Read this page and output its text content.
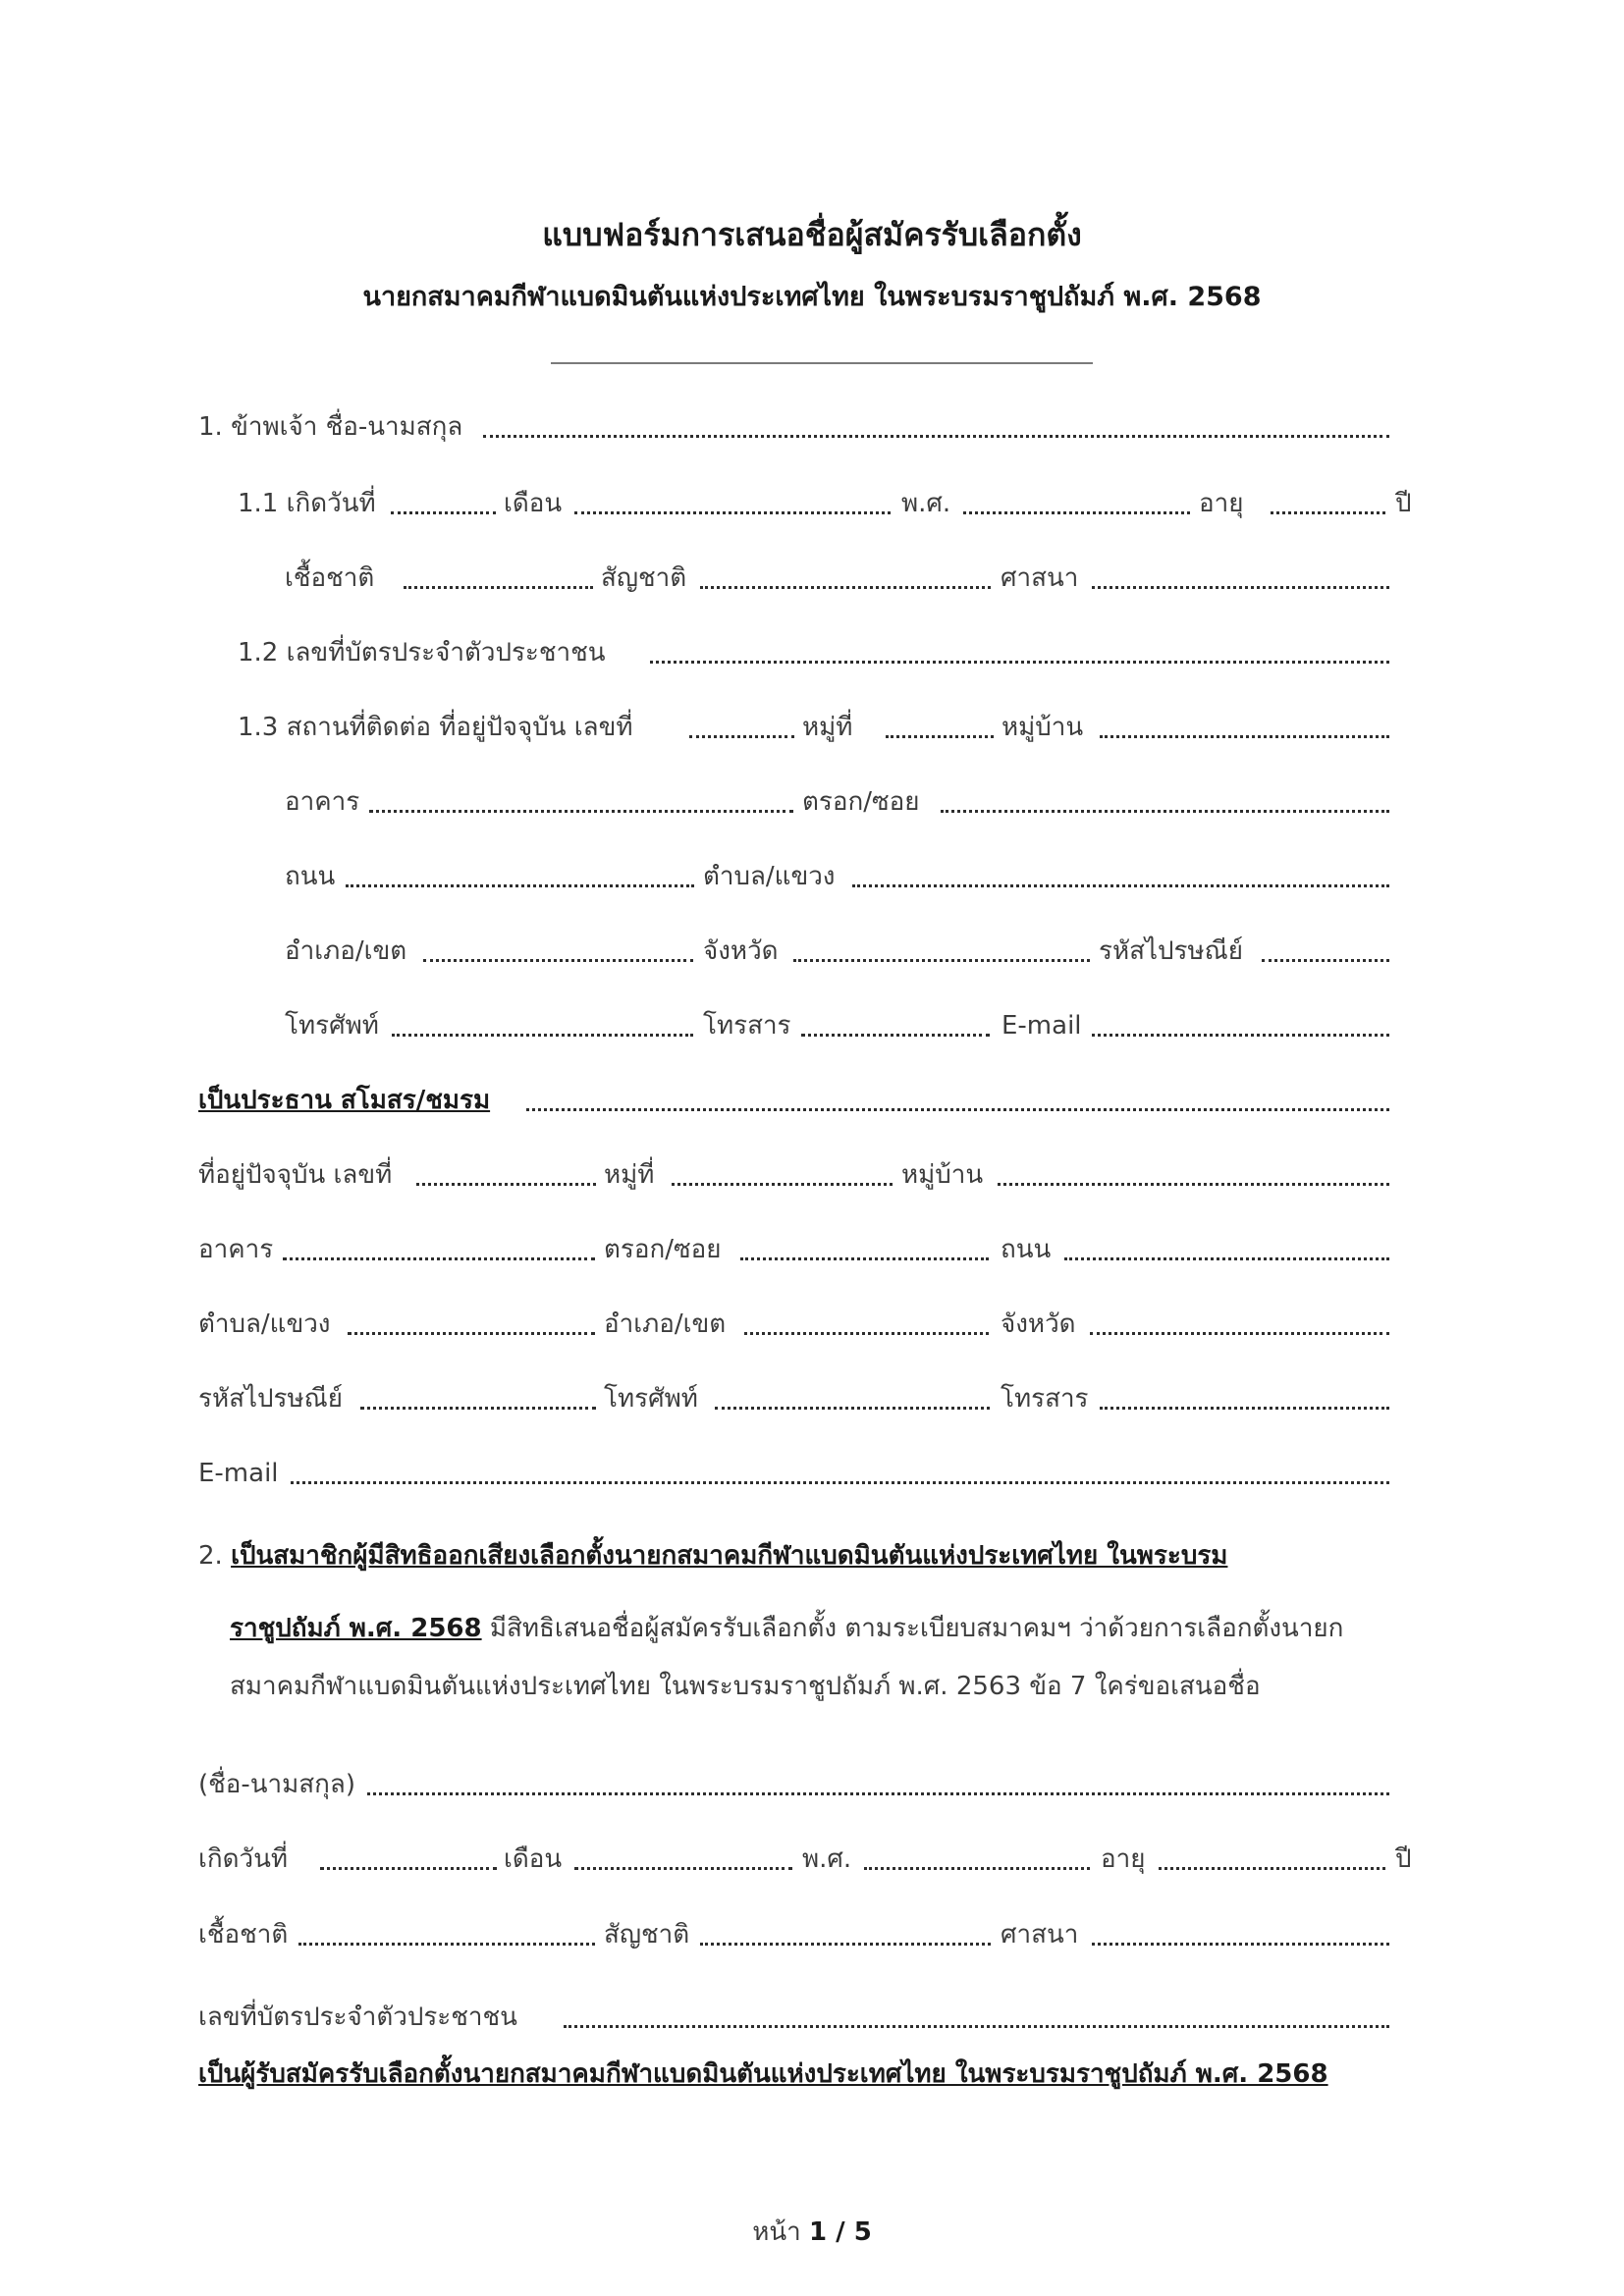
แบบฟอร์มการเสนอชื่อผู้สมัครรับเลือกตั้ง
นายกสมาคมกีฬาแบดมินตันแห่งประเทศไทย ในพระบรมราชูปถัมภ์ พ.ศ. 2568
1. ข้าพเจ้า ชื่อ-นามสกุล
1.1 เกิดวันที่	เดือน	พ.ศ.	อายุ	ปี
เชื้อชาติ	สัญชาติ	ศาสนา
1.2 เลขที่บัตรประจำตัวประชาชน
1.3 สถานที่ติดต่อ ที่อยู่ปัจจุบัน เลขที่	หมู่ที่	หมู่บ้าน
อาคาร	ตรอก/ซอย
ถนน	ตำบล/แขวง
อำเภอ/เขต	จังหวัด	รหัสไปรษณีย์
โทรศัพท์	โทรสาร	E-mail
เป็นประธาน สโมสร/ชมรม
ที่อยู่ปัจจุบัน เลขที่	หมู่ที่	หมู่บ้าน
อาคาร	ตรอก/ซอย	ถนน
ตำบล/แขวง	อำเภอ/เขต	จังหวัด
รหัสไปรษณีย์	โทรศัพท์	โทรสาร
E-mail
2. เป็นสมาชิกผู้มีสิทธิออกเสียงเลือกตั้งนายกสมาคมกีฬาแบดมินตันแห่งประเทศไทย ในพระบรม
ราชูปถัมภ์ พ.ศ. 2568 มีสิทธิเสนอชื่อผู้สมัครรับเลือกตั้ง ตามระเบียบสมาคมฯ ว่าด้วยการเลือกตั้งนายก
สมาคมกีฬาแบดมินตันแห่งประเทศไทย ในพระบรมราชูปถัมภ์ พ.ศ. 2563 ข้อ 7 ใคร่ขอเสนอชื่อ
(ชื่อ-นามสกุล)
เกิดวันที่	เดือน	พ.ศ.	อายุ	ปี
เชื้อชาติ	สัญชาติ	ศาสนา
เลขที่บัตรประจำตัวประชาชน
เป็นผู้รับสมัครรับเลือกตั้งนายกสมาคมกีฬาแบดมินตันแห่งประเทศไทย ในพระบรมราชูปถัมภ์ พ.ศ. 2568
หน้า 1 / 5
